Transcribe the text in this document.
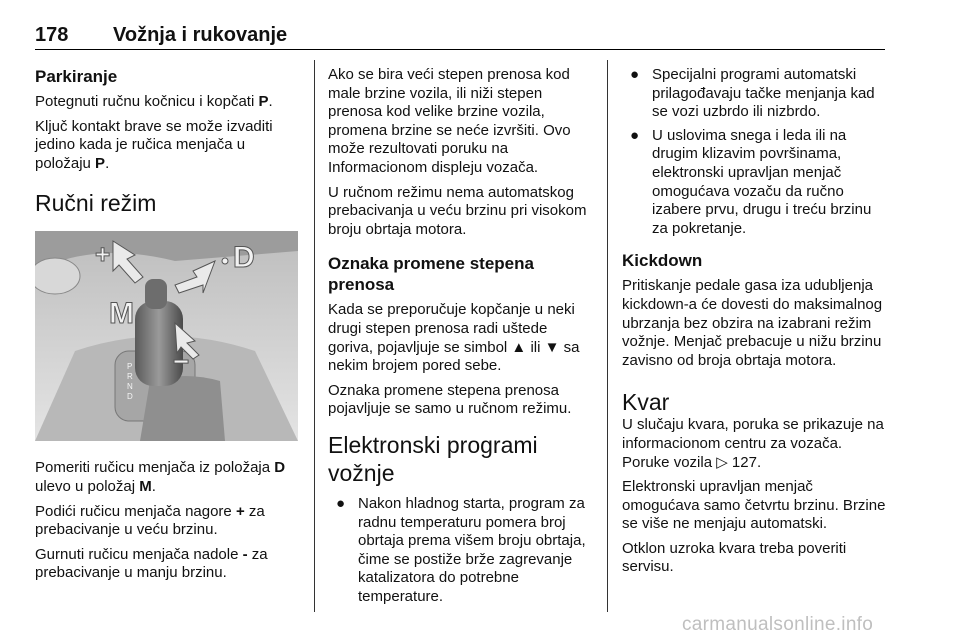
178 Vožnja i rukovanje
Parkiranje

Potegnuti ručnu kočnicu i kopčati P.

Ključ kontakt brave se može izvaditi jedino kada je ručica menjača u položaju P.

Ručni režim
+	D
M
−
P
R
N
D

Pomeriti ručicu menjača iz položaja D ulevo u položaj M.

Podići ručicu menjača nagore + za prebacivanje u veću brzinu.

Gurnuti ručicu menjača nadole - za prebacivanje u manju brzinu.

Ako se bira veći stepen prenosa kod male brzine vozila, ili niži stepen prenosa kod velike brzine vozila, promena brzine se neće izvršiti. Ovo može rezultovati poruku na Informacionom displeju vozača.

U ručnom režimu nema automatskog prebacivanja u veću brzinu pri visokom broju obrtaja motora.

Oznaka promene stepena prenosa

Kada se preporučuje kopčanje u neki drugi stepen prenosa radi uštede goriva, pojavljuje se simbol ▲ ili ▼ sa nekim brojem pored sebe.

Oznaka promene stepena prenosa pojavljuje se samo u ručnom režimu.

Elektronski programi vožnje
● Nakon hladnog starta, program za radnu temperaturu pomera broj obrtaja prema višem broju obrtaja, čime se postiže brže zagrevanje katalizatora do potrebne temperature.
● Specijalni programi automatski prilagođavaju tačke menjanja kad se vozi uzbrdo ili nizbrdo.
● U uslovima snega i leda ili na drugim klizavim površinama, elektronski upravljan menjač omogućava vozaču da ručno izabere prvu, drugu i treću brzinu za pokretanje.
Kickdown

Pritiskanje pedale gasa iza udubljenja kickdown-a će dovesti do maksimalnog ubrzanja bez obzira na izabrani režim vožnje. Menjač prebacuje u nižu brzinu zavisno od broja obrtaja motora.

Kvar

U slučaju kvara, poruka se prikazuje na informacionom centru za vozača. Poruke vozila ▷ 127.

Elektronski upravljan menjač omogućava samo četvrtu brzinu. Brzine se više ne menjaju automatski.

Otklon uzroka kvara treba poveriti servisu.

carmanualsonline.info
